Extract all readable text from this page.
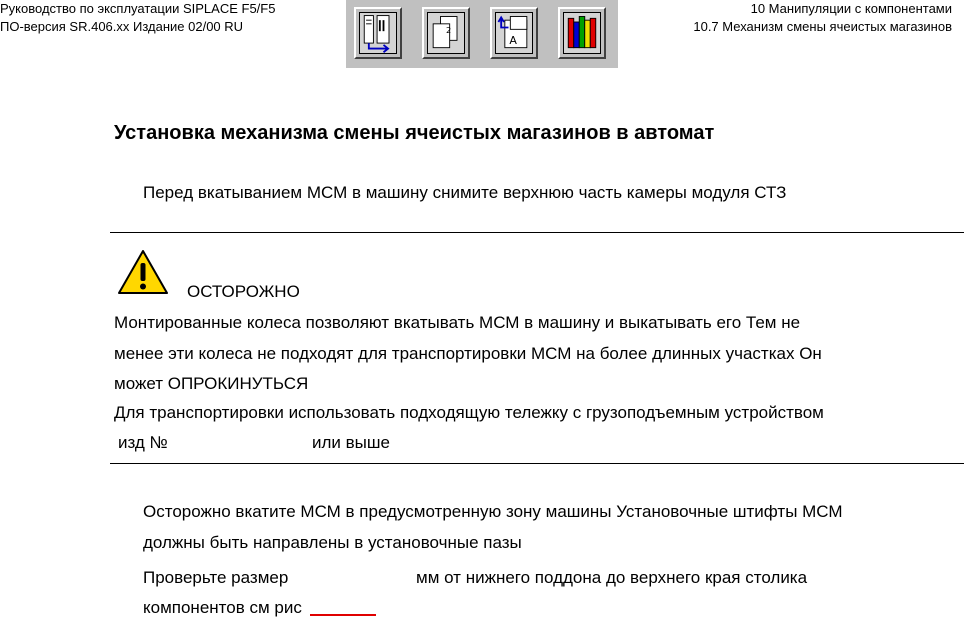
Руководство по эксплуатации SIPLACE F5/F5
ПО-версия SR.406.xx Издание 02/00 RU
10 Манипуляции с компонентами
10.7 Механизм смены ячеистых магазинов
2
A
Установка механизма смены ячеистых магазинов в автомат
Перед вкатыванием МСМ в машину снимите верхнюю часть камеры модуля СТЗ
ОСТОРОЖНО
Монтированные колеса позволяют вкатывать МСМ в машину и выкатывать его Тем не
менее эти колеса не подходят для транспортировки МСМ на более длинных участках Он
может ОПРОКИНУТЬСЯ
Для транспортировки использовать подходящую тележку с грузоподъемным устройством
изд №	или выше
Осторожно вкатите МСМ в предусмотренную зону машины Установочные штифты МСМ
должны быть направлены в установочные пазы
Проверьте размер	мм от нижнего поддона до верхнего края столика
компонентов см рис
